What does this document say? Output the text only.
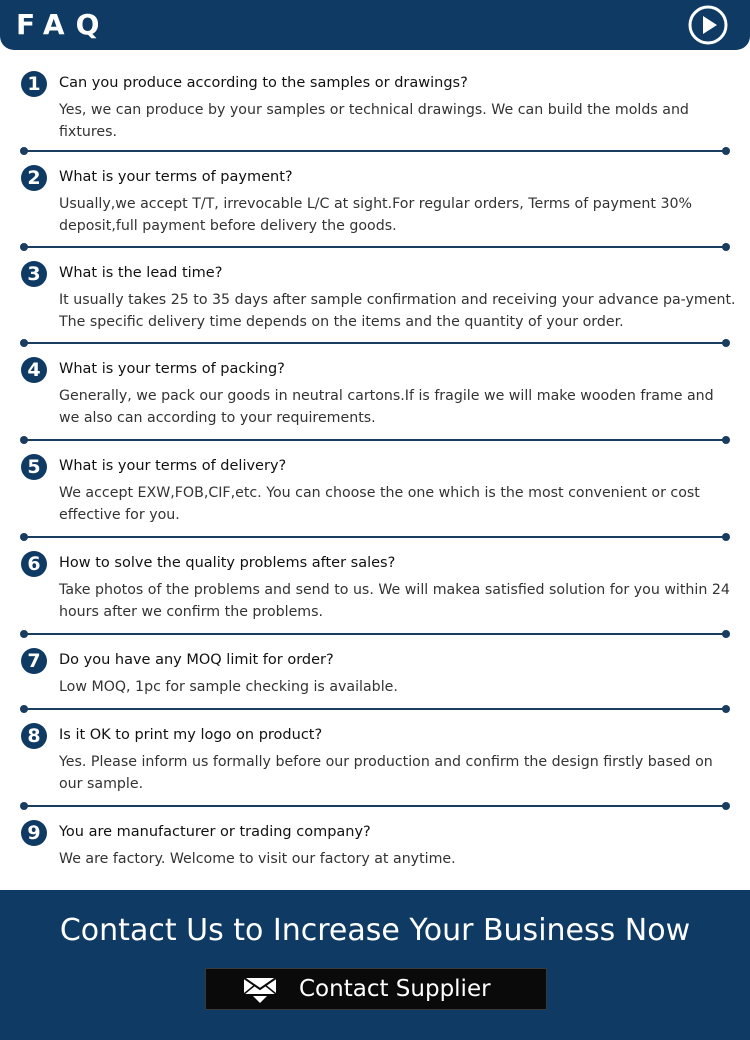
FAQ
1	Can you produce according to the samples or drawings?
Yes, we can produce by your samples or technical drawings. We can build the molds and fixtures.
2	What is your terms of payment?
Usually,we accept T/T, irrevocable L/C at sight.For regular orders, Terms of payment 30% deposit,full payment before delivery the goods.
3	What is the lead time?
It usually takes 25 to 35 days after sample confirmation and receiving your advance pa-yment. The specific delivery time depends on the items and the quantity of your order.
4	What is your terms of packing?
Generally, we pack our goods in neutral cartons.If is fragile we will make wooden frame and we also can according to your requirements.
5	What is your terms of delivery?
We accept EXW,FOB,CIF,etc. You can choose the one which is the most convenient or cost effective for you.
6	How to solve the quality problems after sales?
Take photos of the problems and send to us. We will makea satisfied solution for you within 24 hours after we confirm the problems.
7	Do you have any MOQ limit for order?
Low MOQ, 1pc for sample checking is available.
8	Is it OK to print my logo on product?
Yes. Please inform us formally before our production and confirm the design firstly based on our sample.
9	You are manufacturer or trading company?
We are factory. Welcome to visit our factory at anytime.
Contact Us to Increase Your Business Now
Contact Supplier
